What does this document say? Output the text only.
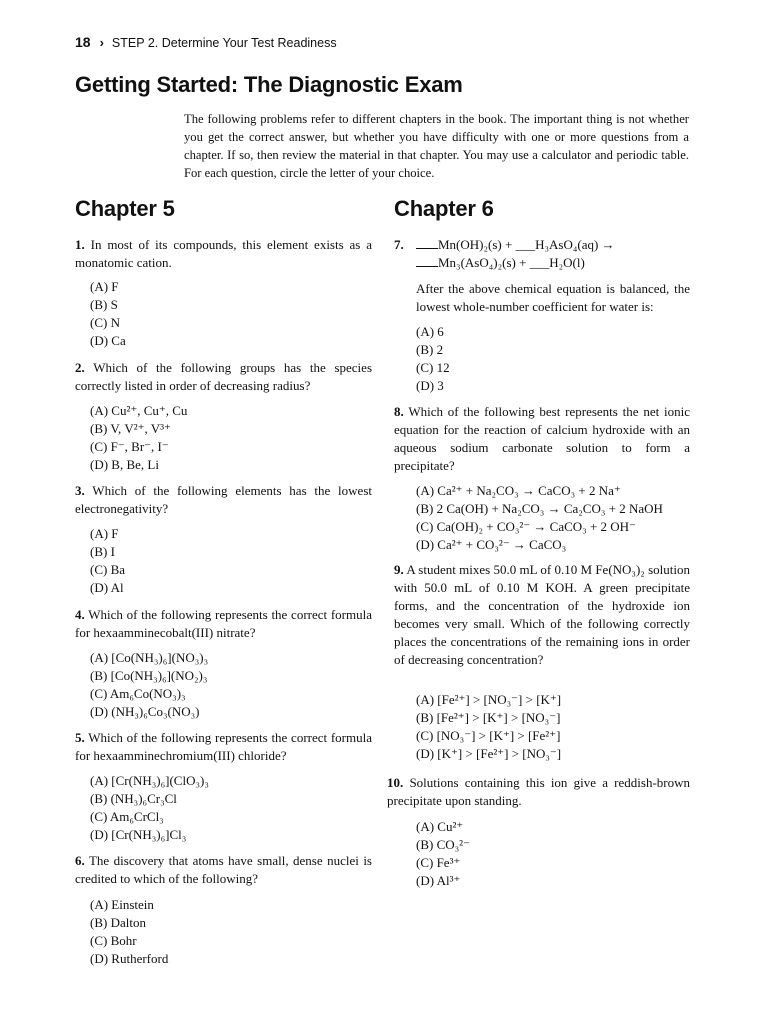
18 › STEP 2. Determine Your Test Readiness
Getting Started: The Diagnostic Exam

The following problems refer to different chapters in the book. The important thing is not whether you get the correct answer, but whether you have difficulty with one or more questions from a chapter. If so, then review the material in that chapter. You may use a calculator and periodic table. For each question, circle the letter of your choice.

Chapter 5	Chapter 6
1. In most of its compounds, this element exists as a monatomic cation.
(A) F
(B) S
(C) N
(D) Ca
2. Which of the following groups has the species correctly listed in order of decreasing radius?
(A) Cu²⁺, Cu⁺, Cu
(B) V, V²⁺, V³⁺
(C) F⁻, Br⁻, I⁻
(D) B, Be, Li
3. Which of the following elements has the lowest electronegativity?
(A) F
(B) I
(C) Ba
(D) Al
4. Which of the following represents the correct formula for hexaamminecobalt(III) nitrate?
(A) [Co(NH₃)₆](NO₃)₃
(B) [Co(NH₃)₆](NO₂)₃
(C) Am₆Co(NO₃)₃
(D) (NH₃)₆Co₃(NO₃)
5. Which of the following represents the correct formula for hexaamminechromium(III) chloride?
(A) [Cr(NH₃)₆](ClO₃)₃
(B) (NH₃)₆Cr₃Cl
(C) Am₆CrCl₃
(D) [Cr(NH₃)₆]Cl₃
6. The discovery that atoms have small, dense nuclei is credited to which of the following?
(A) Einstein
(B) Dalton
(C) Bohr
(D) Rutherford
7.	Mn(OH)₂(s) + ___H₃AsO₄(aq) →
Mn₃(AsO₄)₂(s) + ___H₂O(l)
After the above chemical equation is balanced, the lowest whole-number coefficient for water is:
(A) 6
(B) 2
(C) 12
(D) 3
8. Which of the following best represents the net ionic equation for the reaction of calcium hydroxide with an aqueous sodium carbonate solution to form a precipitate?
(A) Ca²⁺ + Na₂CO₃ → CaCO₃ + 2 Na⁺
(B) 2 Ca(OH) + Na₂CO₃ → Ca₂CO₃ + 2 NaOH
(C) Ca(OH)₂ + CO₃²⁻ → CaCO₃ + 2 OH⁻
(D) Ca²⁺ + CO₃²⁻ → CaCO₃
9. A student mixes 50.0 mL of 0.10 M Fe(NO₃)₂ solution with 50.0 mL of 0.10 M KOH. A green precipitate forms, and the concentration of the hydroxide ion becomes very small. Which of the following correctly places the concentrations of the remaining ions in order of decreasing concentration?
(A) [Fe²⁺] > [NO₃⁻] > [K⁺]
(B) [Fe²⁺] > [K⁺] > [NO₃⁻]
(C) [NO₃⁻] > [K⁺] > [Fe²⁺]
(D) [K⁺] > [Fe²⁺] > [NO₃⁻]
10. Solutions containing this ion give a reddish-brown precipitate upon standing.
(A) Cu²⁺
(B) CO₃²⁻
(C) Fe³⁺
(D) Al³⁺
